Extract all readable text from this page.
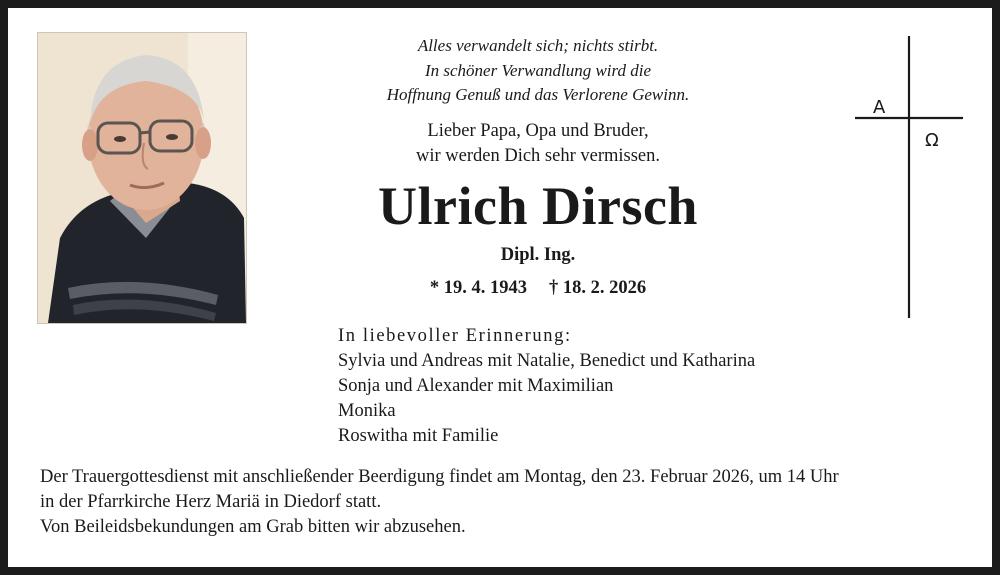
Alles verwandelt sich; nichts stirbt.
In schöner Verwandlung wird die
Hoffnung Genuß und das Verlorene Gewinn.
Lieber Papa, Opa und Bruder,
wir werden Dich sehr vermissen.
Ulrich Dirsch
Dipl. Ing.
* 19. 4. 1943 † 18. 2. 2026
A
Ω
In liebevoller Erinnerung:
Sylvia und Andreas mit Natalie, Benedict und Katharina
Sonja und Alexander mit Maximilian
Monika
Roswitha mit Familie
Der Trauergottesdienst mit anschließender Beerdigung findet am Montag, den 23. Februar 2026, um 14 Uhr
in der Pfarrkirche Herz Mariä in Diedorf statt.
Von Beileidsbekundungen am Grab bitten wir abzusehen.
